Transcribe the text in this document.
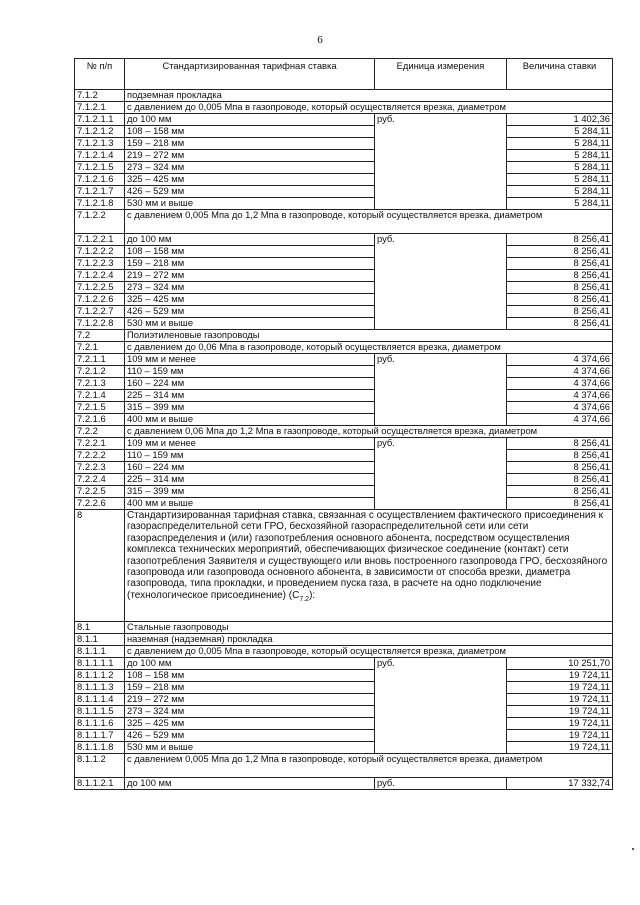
6
№ п/п	Стандартизированная тарифная ставка	Единица измерения	Величина ставки
7.1.2	подземная прокладка		
7.1.2.1	с давлением до 0,005 Мпа в газопроводе, который осуществляется врезка, диаметром		
7.1.2.1.1	до 100 мм	руб.	1 402,36
7.1.2.1.2	108 – 158 мм		5 284,11
7.1.2.1.3	159 – 218 мм		5 284,11
7.1.2.1.4	219 – 272 мм		5 284,11
7.1.2.1.5	273 – 324 мм		5 284,11
7.1.2.1.6	325 – 425 мм		5 284,11
7.1.2.1.7	426 – 529 мм		5 284,11
7.1.2.1.8	530 мм и выше		5 284,11
7.1.2.2	с давлением 0,005 Мпа до 1,2 Мпа в газопроводе, который осуществляется врезка, диаметром		
7.1.2.2.1	до 100 мм	руб.	8 256,41
7.1.2.2.2	108 – 158 мм		8 256,41
7.1.2.2.3	159 – 218 мм		8 256,41
7.1.2.2.4	219 – 272 мм		8 256,41
7.1.2.2.5	273 – 324 мм		8 256,41
7.1.2.2.6	325 – 425 мм		8 256,41
7.1.2.2.7	426 – 529 мм		8 256,41
7.1.2.2.8	530 мм и выше		8 256,41
7.2	Полиэтиленовые газопроводы		
7.2.1	с давлением до 0,06 Мпа в газопроводе, который осуществляется врезка, диаметром		
7.2.1.1	109 мм и менее	руб.	4 374,66
7.2.1.2	110 – 159 мм		4 374,66
7.2.1.3	160 – 224 мм		4 374,66
7.2.1.4	225 – 314 мм		4 374,66
7.2.1.5	315 – 399 мм		4 374,66
7.2.1.6	400 мм и выше		4 374,66
7.2.2	с давлением 0,06 Мпа до 1,2 Мпа в газопроводе, который осуществляется врезка, диаметром		
7.2.2.1	109 мм и менее	руб.	8 256,41
7.2.2.2	110 – 159 мм		8 256,41
7.2.2.3	160 – 224 мм		8 256,41
7.2.2.4	225 – 314 мм		8 256,41
7.2.2.5	315 – 399 мм		8 256,41
7.2.2.6	400 мм и выше		8 256,41
8	Стандартизированная тарифная ставка, связанная с осуществлением фактического присоединения к газораспределительной сети ГРО, бесхозяйной газораспределительной сети или сети газораспределения и (или) газопотребления основного абонента, посредством осуществления комплекса технических мероприятий, обеспечивающих физическое соединение (контакт) сети газопотребления Заявителя и существующего или вновь построенного газопровода ГРО, бесхозяйного газопровода или газопровода основного абонента, в зависимости от способа врезки, диаметра газопровода, типа прокладки, и проведением пуска газа, в расчете на одно подключение (технологическое присоединение) $(С_{7.2})$:		
8.1	Стальные газопроводы		
8.1.1	наземная (надземная) прокладка		
8.1.1.1	с давлением до 0,005 Мпа в газопроводе, который осуществляется врезка, диаметром		
8.1.1.1.1	до 100 мм	руб.	10 251,70
8.1.1.1.2	108 – 158 мм		19 724,11
8.1.1.1.3	159 – 218 мм		19 724,11
8.1.1.1.4	219 – 272 мм		19 724,11
8.1.1.1.5	273 – 324 мм		19 724,11
8.1.1.1.6	325 – 425 мм		19 724,11
8.1.1.1.7	426 – 529 мм		19 724,11
8.1.1.1.8	530 мм и выше		19 724,11
8.1.1.2	с давлением 0,005 Мпа до 1,2 Мпа в газопроводе, который осуществляется врезка, диаметром		
8.1.1.2.1	до 100 мм	руб.	17 332,74
